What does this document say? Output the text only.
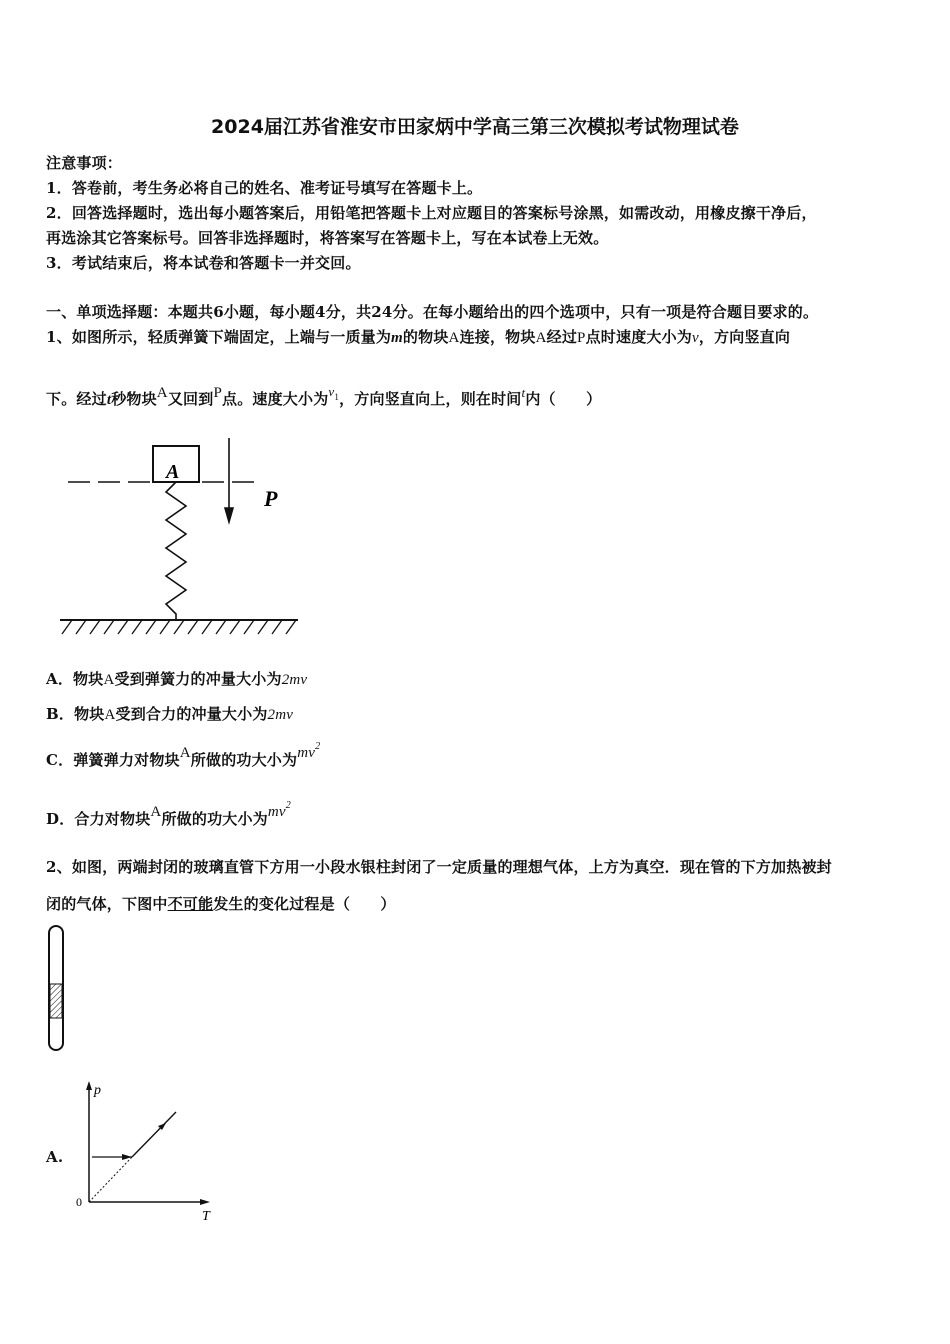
2024届江苏省淮安市田家炳中学高三第三次模拟考试物理试卷
注意事项：
1．答卷前，考生务必将自己的姓名、准考证号填写在答题卡上。
2．回答选择题时，选出每小题答案后，用铅笔把答题卡上对应题目的答案标号涂黑，如需改动，用橡皮擦干净后，
再选涂其它答案标号。回答非选择题时，将答案写在答题卡上，写在本试卷上无效。
3．考试结束后，将本试卷和答题卡一并交回。
一、单项选择题：本题共6小题，每小题4分，共24分。在每小题给出的四个选项中，只有一项是符合题目要求的。
1、如图所示，轻质弹簧下端固定，上端与一质量为m的物块A连接，物块A经过P点时速度大小为v，方向竖直向
下。经过t秒物块A又回到P点。速度大小为$v^1$，方向竖直向上，则在时间t内（　　）
A
P
A．物块A受到弹簧力的冲量大小为2mv
B．物块A受到合力的冲量大小为2mv
C．弹簧弹力对物块A所做的功大小为$mv^2$
D．合力对物块A所做的功大小为$mv^2$
2、如图，两端封闭的玻璃直管下方用一小段水银柱封闭了一定质量的理想气体，上方为真空．现在管的下方加热被封
闭的气体，下图中不可能发生的变化过程是（　　）
A.
p
T
0
